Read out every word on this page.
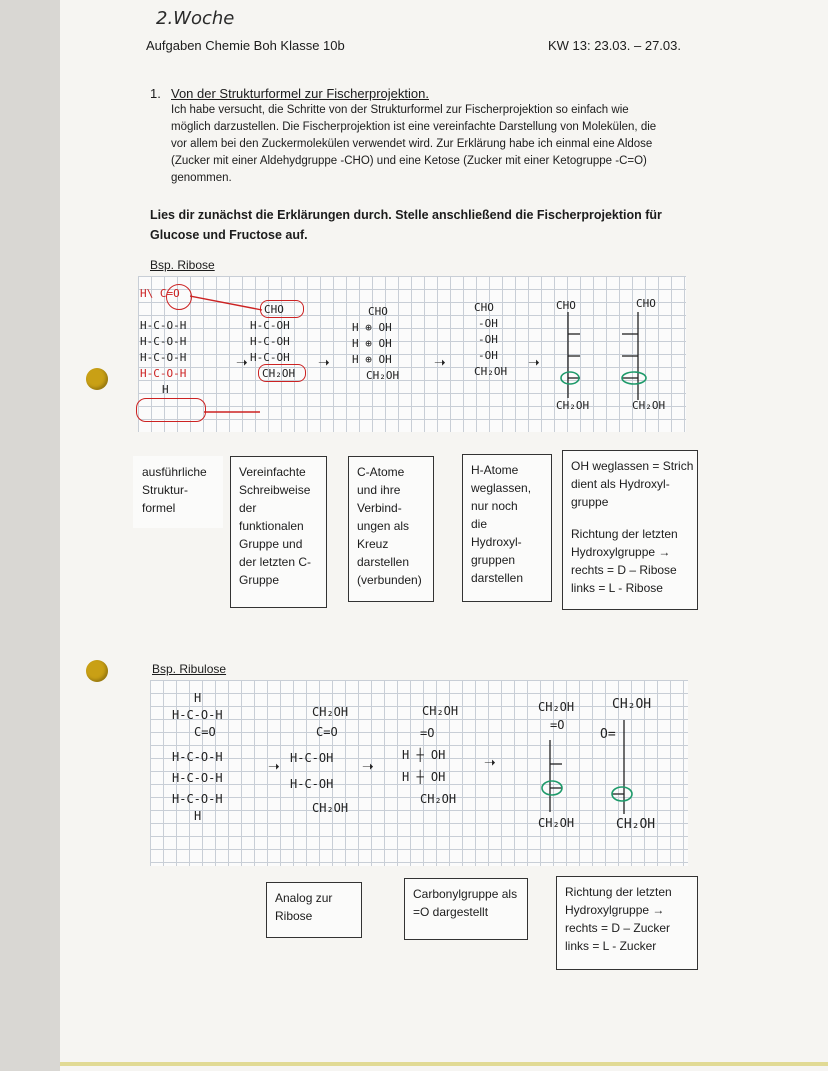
2.Woche
Aufgaben Chemie Boh Klasse 10b	KW 13: 23.03. – 27.03.
1. Von der Strukturformel zur Fischerprojektion.
Ich habe versucht, die Schritte von der Strukturformel zur Fischerprojektion so einfach wie
möglich darzustellen. Die Fischerprojektion ist eine vereinfachte Darstellung von Molekülen, die
vor allem bei den Zuckermolekülen verwendet wird. Zur Erklärung habe ich einmal eine Aldose
(Zucker mit einer Aldehydgruppe -CHO) und eine Ketose (Zucker mit einer Ketogruppe -C=O)
genommen.
Lies dir zunächst die Erklärungen durch. Stelle anschließend die Fischerprojektion für
Glucose und Fructose auf.
Bsp. Ribose
H\ C=O
H-C-O-H
H-C-O-H
H-C-O-H
H-C-O-H
H
CHO
H-C-OH
H-C-OH
H-C-OH
CH₂OH
➝	➝	➝	➝
CHO
H ⊕ OH
H ⊕ OH
H ⊕ OH
CH₂OH
CHO
-OH
-OH
-OH
CH₂OH
CHO
CH₂OH
CHO
CH₂OH
ausführliche
Struktur-
formel
Vereinfachte
Schreibweise
der
funktionalen
Gruppe und
der letzten C-
Gruppe
C-Atome
und ihre
Verbind-
ungen als
Kreuz
darstellen
(verbunden)
H-Atome
weglassen,
nur noch
die
Hydroxyl-
gruppen
darstellen
OH weglassen = Strich
dient als Hydroxyl-
gruppe
Richtung der letzten
Hydroxylgruppe →
rechts = D – Ribose
links = L - Ribose
Bsp. Ribulose
H
H-C-O-H
C=O
H-C-O-H
H-C-O-H
H-C-O-H
H
➝
CH₂OH
C=O
H-C-OH
H-C-OH
CH₂OH
➝
CH₂OH
=O
H ┼ OH
H ┼ OH
CH₂OH
➝
CH₂OH
=O
CH₂OH
CH₂OH
O=
CH₂OH
Analog zur
Ribose
Carbonylgruppe als
=O dargestellt
Richtung der letzten
Hydroxylgruppe →
rechts = D – Zucker
links = L - Zucker
